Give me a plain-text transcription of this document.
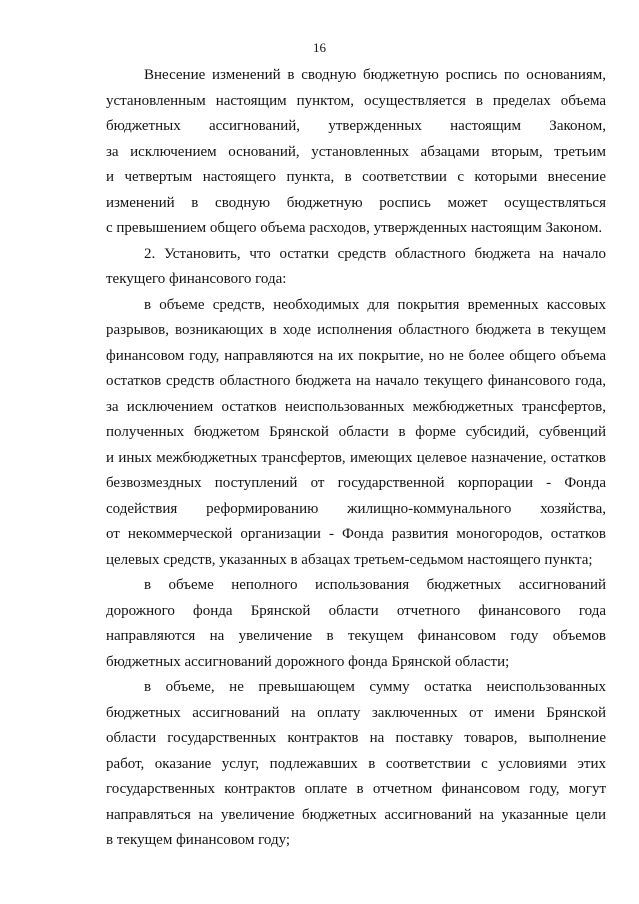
16

Внесение изменений в сводную бюджетную роспись по основаниям,
установленным настоящим пунктом, осуществляется в пределах объема
бюджетных ассигнований, утвержденных настоящим Законом,
за исключением оснований, установленных абзацами вторым, третьим
и четвертым настоящего пункта, в соответствии с которыми внесение
изменений в сводную бюджетную роспись может осуществляться
с превышением общего объема расходов, утвержденных настоящим Законом.

2. Установить, что остатки средств областного бюджета на начало
текущего финансового года:

в объеме средств, необходимых для покрытия временных кассовых
разрывов, возникающих в ходе исполнения областного бюджета в текущем
финансовом году, направляются на их покрытие, но не более общего объема
остатков средств областного бюджета на начало текущего финансового года,
за исключением остатков неиспользованных межбюджетных трансфертов,
полученных бюджетом Брянской области в форме субсидий, субвенций
и иных межбюджетных трансфертов, имеющих целевое назначение, остатков
безвозмездных поступлений от государственной корпорации - Фонда
содействия реформированию жилищно-коммунального хозяйства,
от некоммерческой организации - Фонда развития моногородов, остатков
целевых средств, указанных в абзацах третьем-седьмом настоящего пункта;

в объеме неполного использования бюджетных ассигнований
дорожного фонда Брянской области отчетного финансового года
направляются на увеличение в текущем финансовом году объемов
бюджетных ассигнований дорожного фонда Брянской области;

в объеме, не превышающем сумму остатка неиспользованных
бюджетных ассигнований на оплату заключенных от имени Брянской
области государственных контрактов на поставку товаров, выполнение
работ, оказание услуг, подлежавших в соответствии с условиями этих
государственных контрактов оплате в отчетном финансовом году, могут
направляться на увеличение бюджетных ассигнований на указанные цели
в текущем финансовом году;
